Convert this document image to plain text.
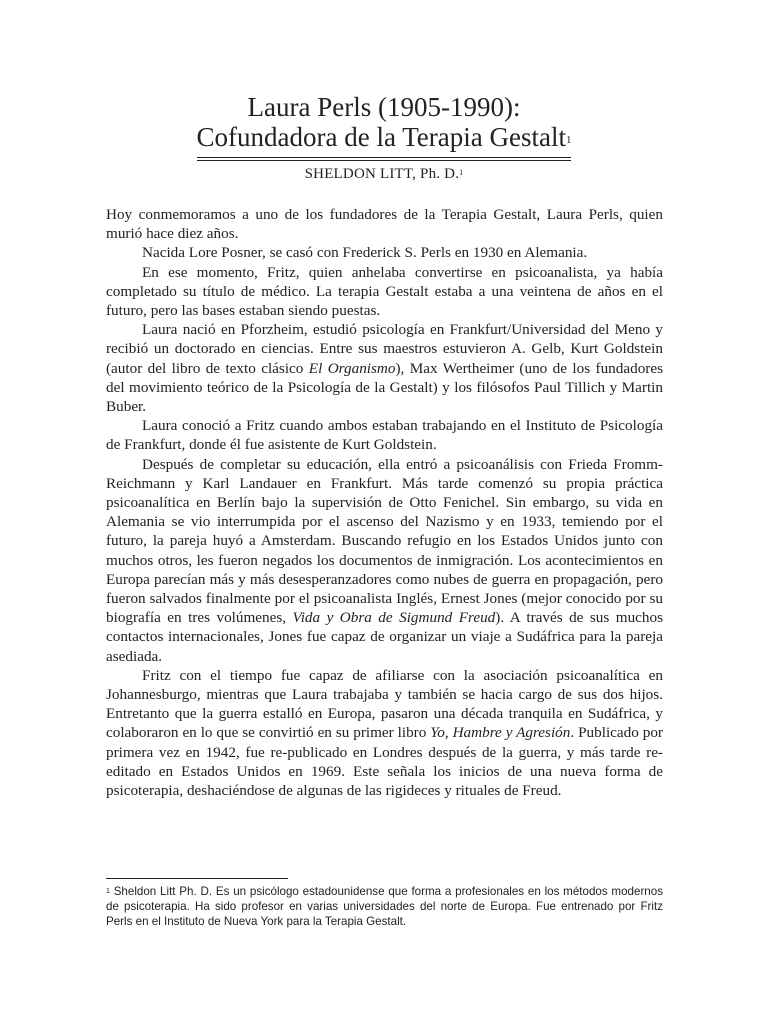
Laura Perls (1905-1990):
Cofundadora de la Terapia Gestalt$^1$
SHELDON LITT, Ph. D.$^1$

Hoy conmemoramos a uno de los fundadores de la Terapia Gestalt, Laura Perls, quien murió hace diez años.

Nacida Lore Posner, se casó con Frederick S. Perls en 1930 en Alemania.

En ese momento, Fritz, quien anhelaba convertirse en psicoanalista, ya había completado su título de médico. La terapia Gestalt estaba a una veintena de años en el futuro, pero las bases estaban siendo puestas.

Laura nació en Pforzheim, estudió psicología en Frankfurt/Universidad del Meno y recibió un doctorado en ciencias. Entre sus maestros estuvieron A. Gelb, Kurt Goldstein (autor del libro de texto clásico El Organismo), Max Wertheimer (uno de los fundadores del movimiento teórico de la Psicología de la Gestalt) y los filósofos Paul Tillich y Martin Buber.

Laura conoció a Fritz cuando ambos estaban trabajando en el Instituto de Psicología de Frankfurt, donde él fue asistente de Kurt Goldstein.

Después de completar su educación, ella entró a psicoanálisis con Frieda Fromm-Reichmann y Karl Landauer en Frankfurt. Más tarde comenzó su propia práctica psicoanalítica en Berlín bajo la supervisión de Otto Fenichel. Sin embargo, su vida en Alemania se vio interrumpida por el ascenso del Nazismo y en 1933, temiendo por el futuro, la pareja huyó a Amsterdam. Buscando refugio en los Estados Unidos junto con muchos otros, les fueron negados los documentos de inmigración. Los acontecimientos en Europa parecían más y más desesperanzadores como nubes de guerra en propagación, pero fueron salvados finalmente por el psicoanalista Inglés, Ernest Jones (mejor conocido por su biografía en tres volúmenes, Vida y Obra de Sigmund Freud). A través de sus muchos contactos internacionales, Jones fue capaz de organizar un viaje a Sudáfrica para la pareja asediada.

Fritz con el tiempo fue capaz de afiliarse con la asociación psicoanalítica en Johannesburgo, mientras que Laura trabajaba y también se hacia cargo de sus dos hijos. Entretanto que la guerra estalló en Europa, pasaron una década tranquila en Sudáfrica, y colaboraron en lo que se convirtió en su primer libro Yo, Hambre y Agresión. Publicado por primera vez en 1942, fue re-publicado en Londres después de la guerra, y más tarde re-editado en Estados Unidos en 1969. Este señala los inicios de una nueva forma de psicoterapia, deshaciéndose de algunas de las rigideces y rituales de Freud.

$^1$ Sheldon Litt Ph. D. Es un psicólogo estadounidense que forma a profesionales en los métodos modernos de psicoterapia. Ha sido profesor en varias universidades del norte de Europa. Fue entrenado por Fritz Perls en el Instituto de Nueva York para la Terapia Gestalt.
